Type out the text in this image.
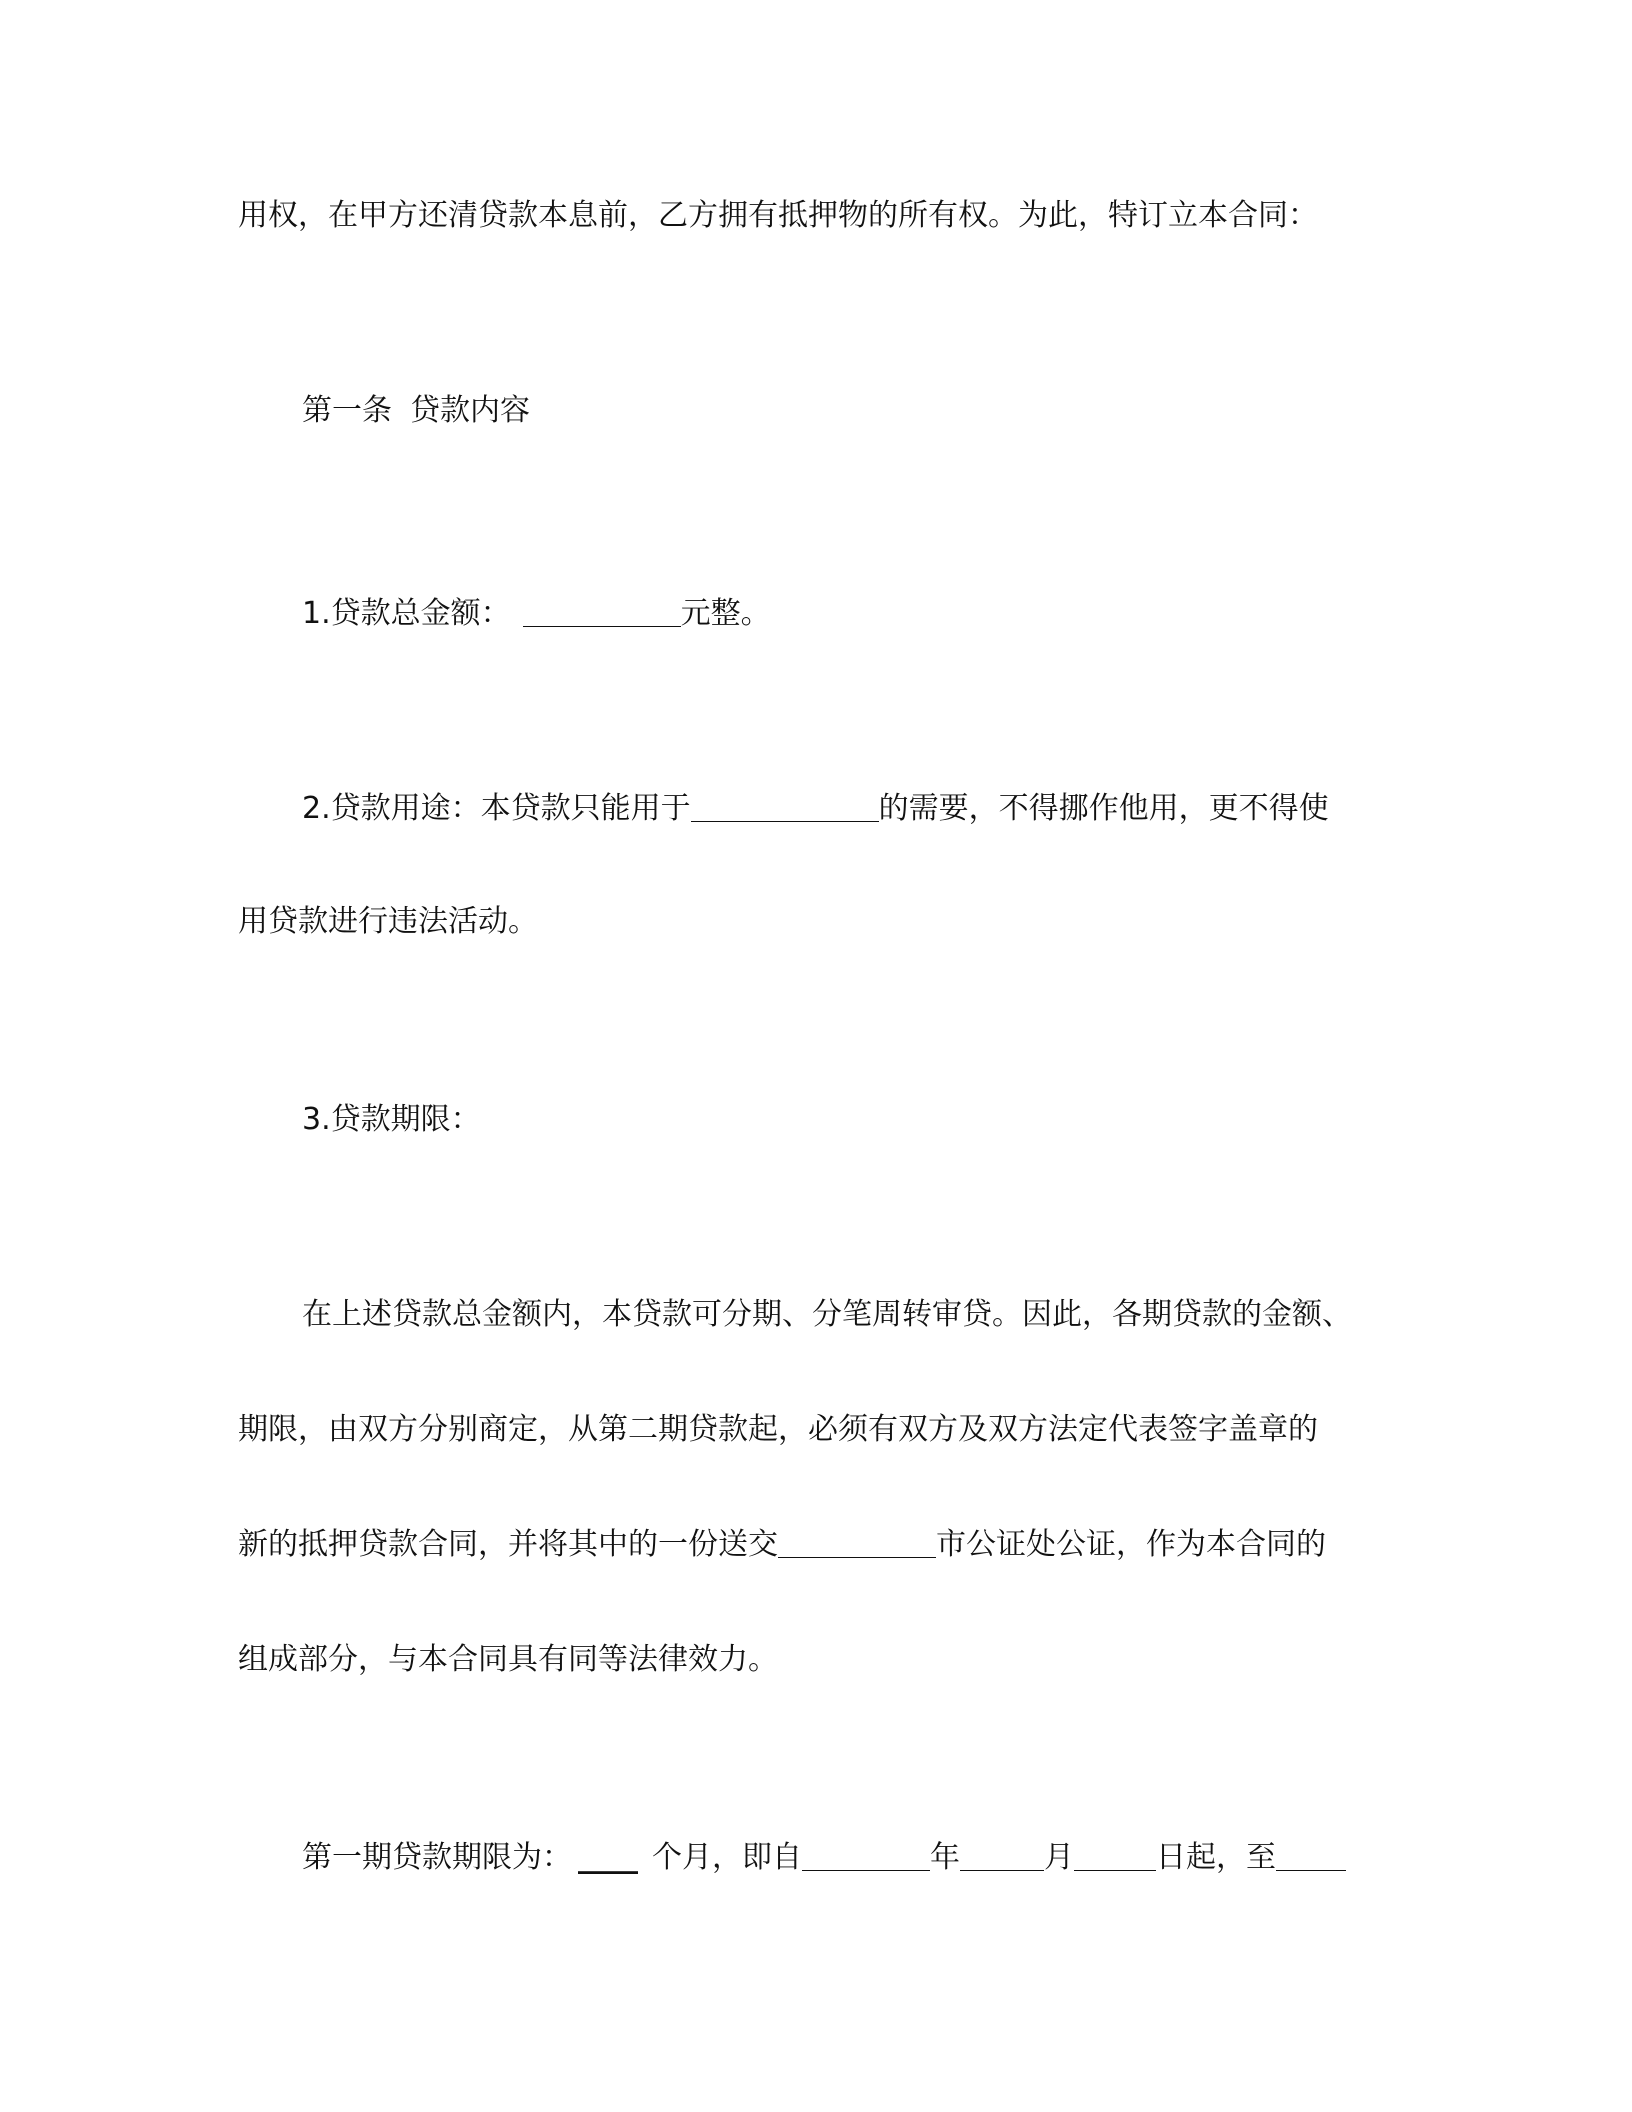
用权，在甲方还清贷款本息前，乙方拥有抵押物的所有权。为此，特订立本合同：

第一条 贷款内容

1.贷款总金额：	元整。

2.贷款用途：本贷款只能用于	的需要，不得挪作他用，更不得使

用贷款进行违法活动。

3.贷款期限：

在上述贷款总金额内，本贷款可分期、分笔周转审贷。因此，各期贷款的金额、

期限，由双方分别商定，从第二期贷款起，必须有双方及双方法定代表签字盖章的

新的抵押贷款合同，并将其中的一份送交	市公证处公证，作为本合同的

组成部分，与本合同具有同等法律效力。

第一期贷款期限为： ____ 个月，即自	年	月	日起，至
